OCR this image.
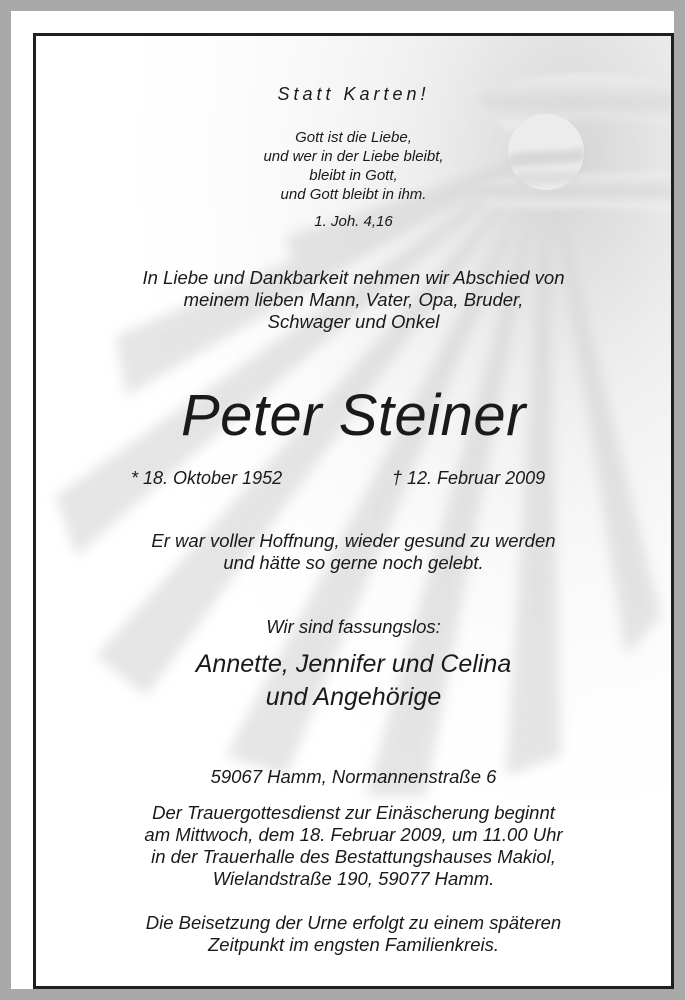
Statt Karten!

Gott ist die Liebe,
und wer in der Liebe bleibt,
bleibt in Gott,
und Gott bleibt in ihm.

1. Joh. 4,16

In Liebe und Dankbarkeit nehmen wir Abschied von
meinem lieben Mann, Vater, Opa, Bruder,
Schwager und Onkel

Peter Steiner

* 18. Oktober 1952	† 12. Februar 2009
Er war voller Hoffnung, wieder gesund zu werden
und hätte so gerne noch gelebt.

Wir sind fassungslos:

Annette, Jennifer und Celina
und Angehörige

59067 Hamm, Normannenstraße 6

Der Trauergottesdienst zur Einäscherung beginnt
am Mittwoch, dem 18. Februar 2009, um 11.00 Uhr
in der Trauerhalle des Bestattungshauses Makiol,
Wielandstraße 190, 59077 Hamm.
Die Beisetzung der Urne erfolgt zu einem späteren
Zeitpunkt im engsten Familienkreis.
